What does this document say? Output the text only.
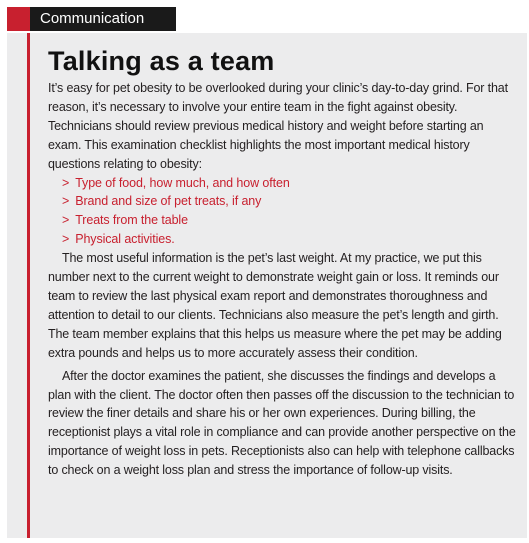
Communication
Talking as a team

It’s easy for pet obesity to be overlooked during your clinic’s day-to-day grind. For that reason, it’s necessary to involve your entire team in the fight against obesity. Technicians should review previous medical history and weight before starting an exam. This examination checklist highlights the most important medical history questions relating to obesity:

> Type of food, how much, and how often
> Brand and size of pet treats, if any
> Treats from the table
> Physical activities.

The most useful information is the pet’s last weight. At my practice, we put this number next to the current weight to demonstrate weight gain or loss. It reminds our team to review the last physical exam report and demonstrates thoroughness and attention to detail to our clients. Technicians also measure the pet’s length and girth. The team member explains that this helps us measure where the pet may be adding extra pounds and helps us to more accurately assess their condition.

After the doctor examines the patient, she discusses the findings and develops a plan with the client. The doctor often then passes off the discussion to the technician to review the finer details and share his or her own experiences. During billing, the receptionist plays a vital role in compliance and can provide another perspective on the importance of weight loss in pets. Receptionists also can help with telephone callbacks to check on a weight loss plan and stress the importance of follow-up visits.
